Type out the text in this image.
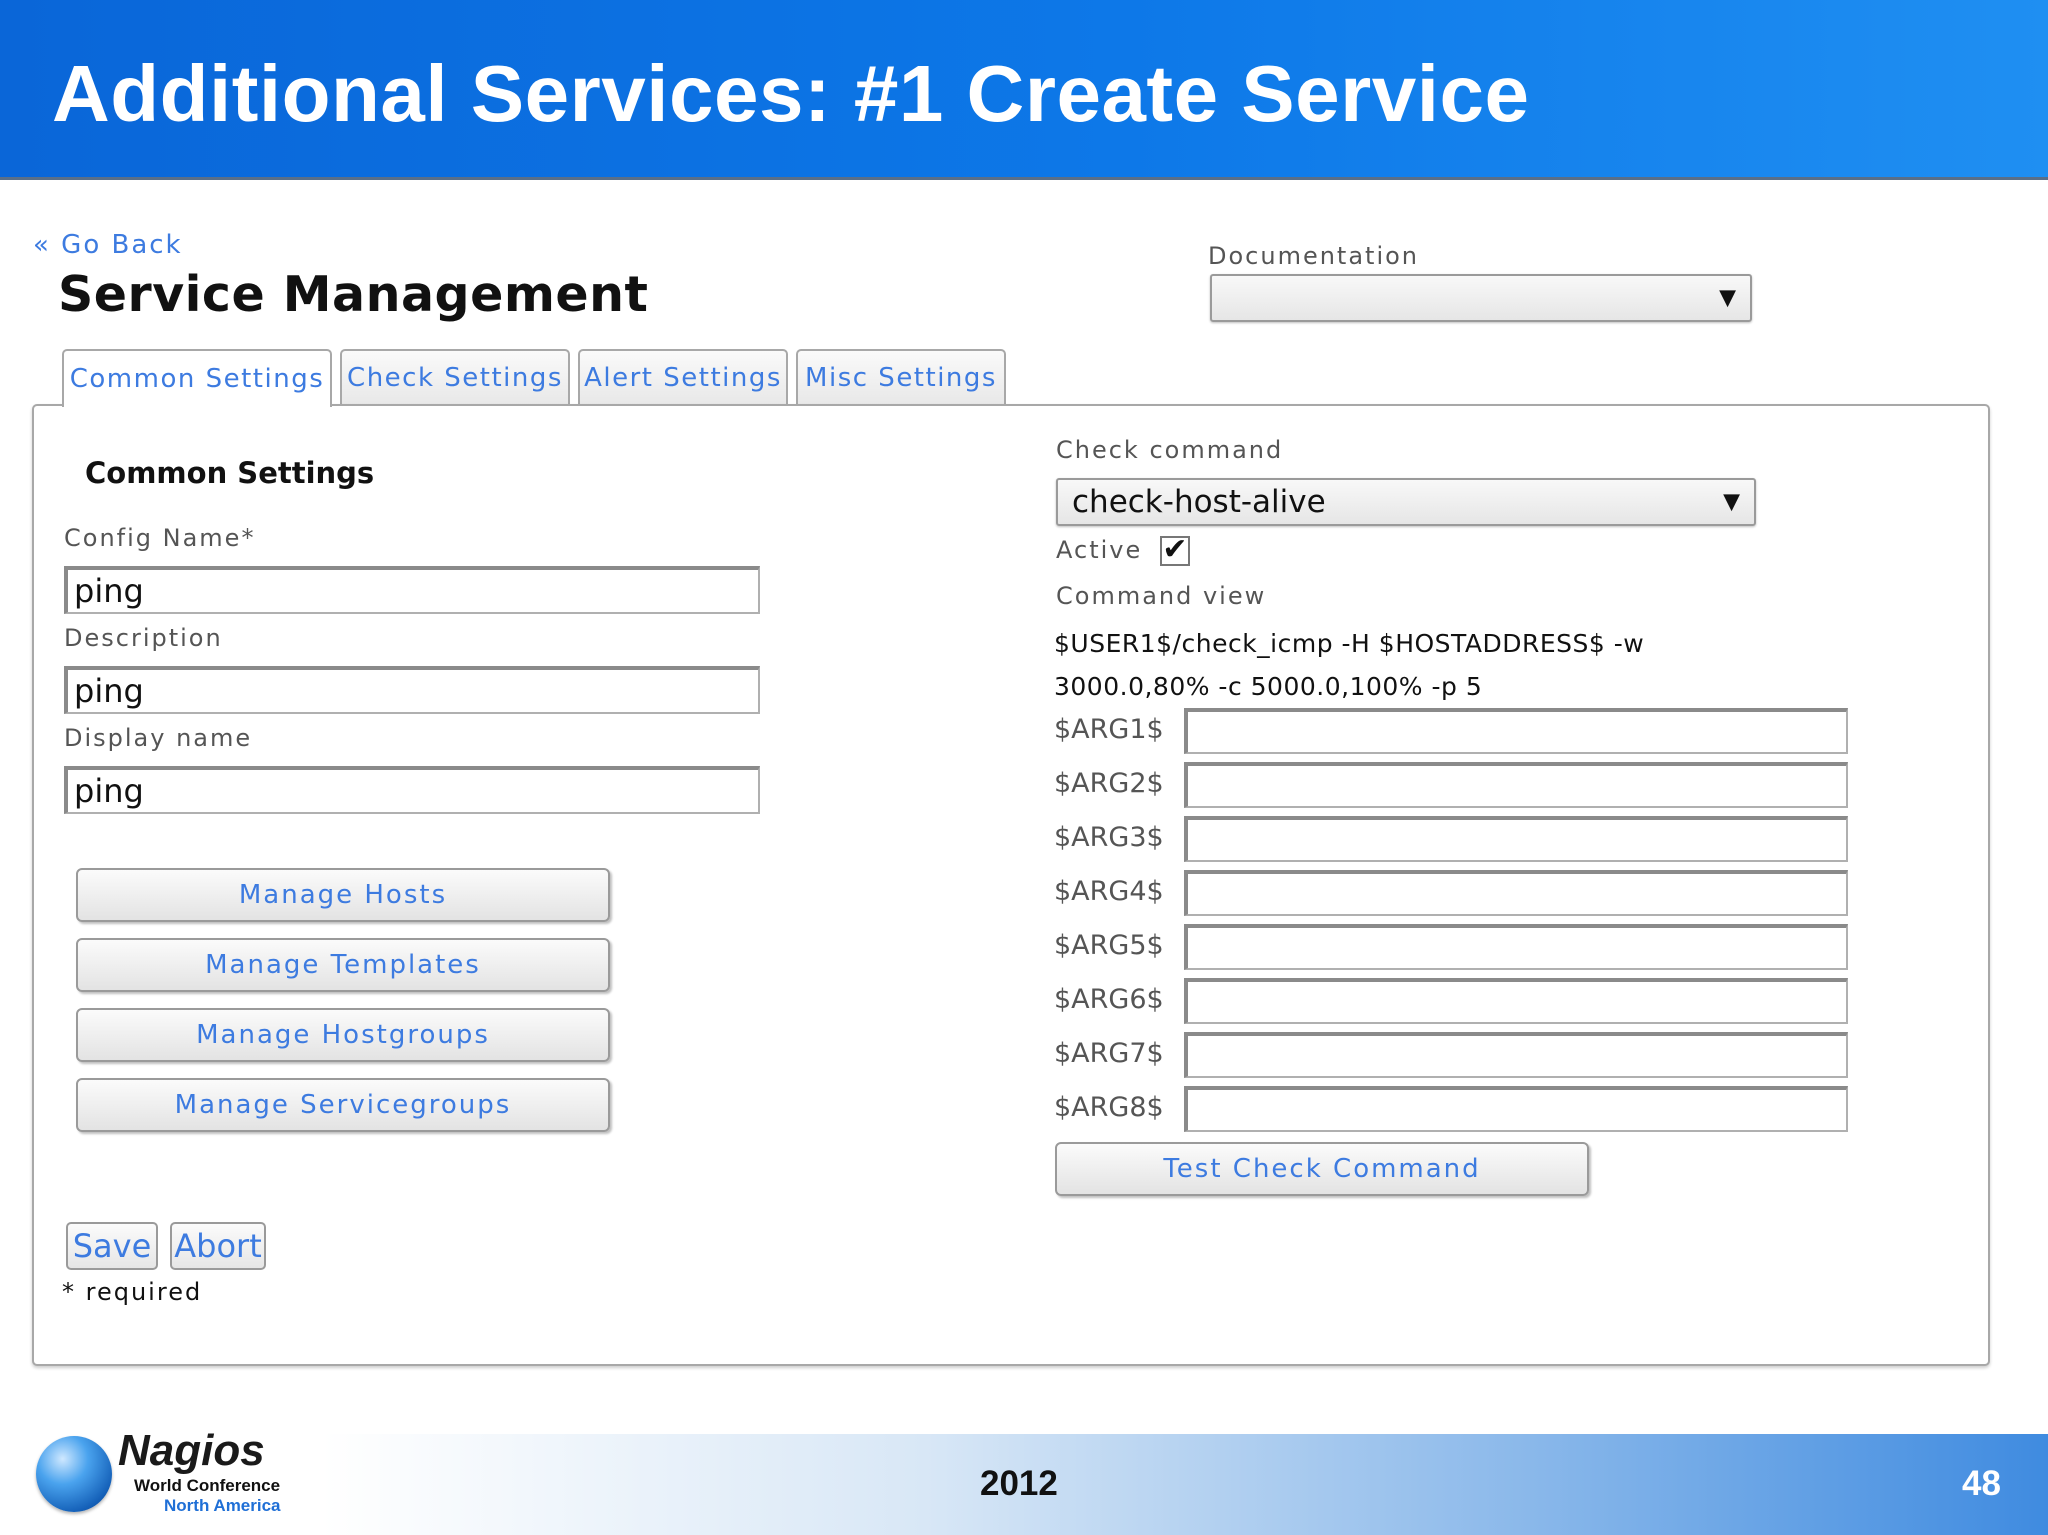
Additional Services: #1 Create Service
« Go Back
Service Management
Documentation
▼
Common Settings Check Settings Alert Settings Misc Settings
Common Settings
Config Name*
ping
Description
ping
Display name
ping
Manage Hosts
Manage Templates
Manage Hostgroups
Manage Servicegroups
Save Abort
* required
Check command
check-host-alive	▼
Active ✔
Command view
$USER1$/check_icmp -H $HOSTADDRESS$ -w 3000.0,80% -c 5000.0,100% -p 5
$ARG1$
$ARG2$
$ARG3$
$ARG4$
$ARG5$
$ARG6$
$ARG7$
$ARG8$
Test Check Command
Nagios
World Conference
North America
2012	48
